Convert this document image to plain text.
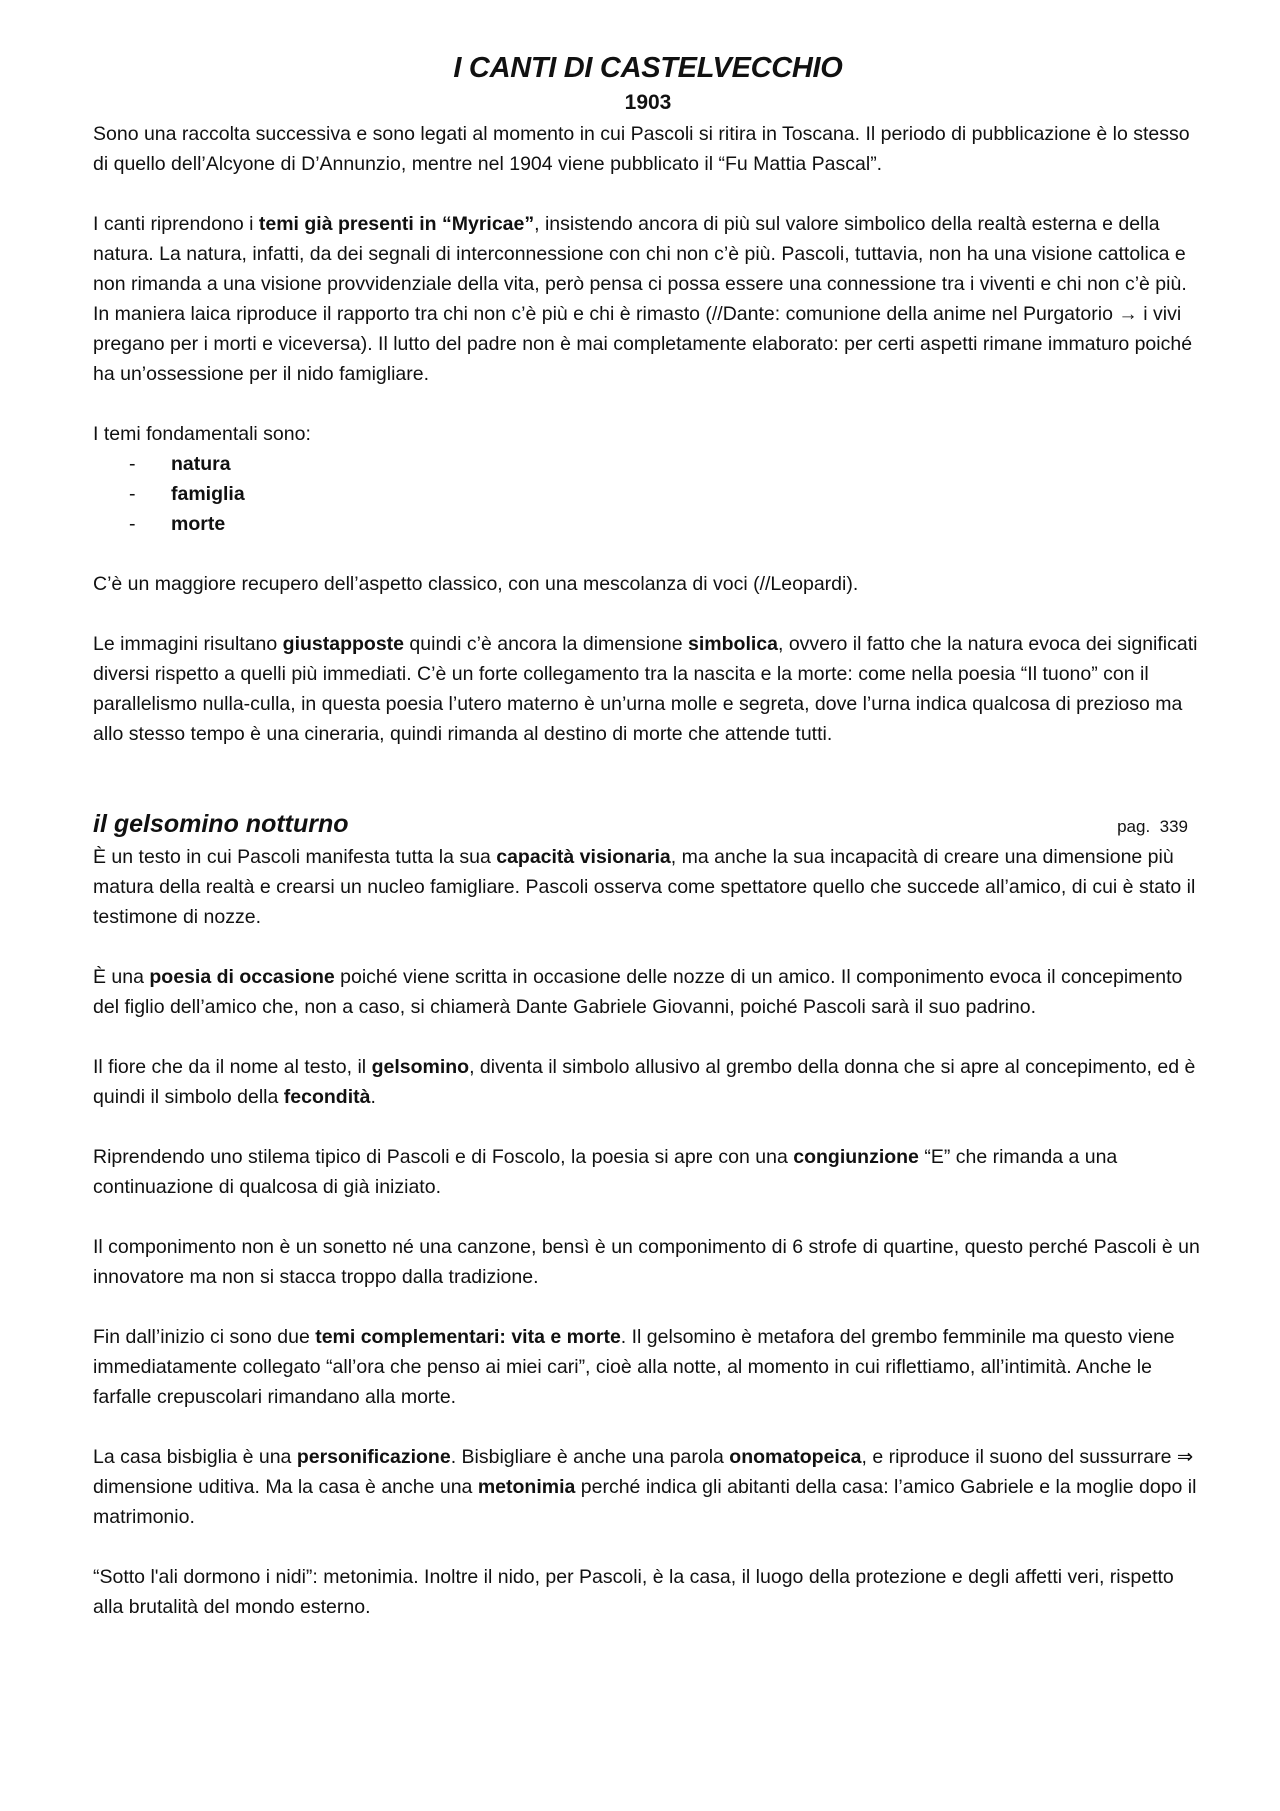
I CANTI DI CASTELVECCHIO
1903

Sono una raccolta successiva e sono legati al momento in cui Pascoli si ritira in Toscana. Il periodo di pubblicazione è lo stesso di quello dell’Alcyone di D’Annunzio, mentre nel 1904 viene pubblicato il “Fu Mattia Pascal”.

I canti riprendono i temi già presenti in “Myricae”, insistendo ancora di più sul valore simbolico della realtà esterna e della natura. La natura, infatti, da dei segnali di interconnessione con chi non c’è più. Pascoli, tuttavia, non ha una visione cattolica e non rimanda a una visione provvidenziale della vita, però pensa ci possa essere una connessione tra i viventi e chi non c’è più. In maniera laica riproduce il rapporto tra chi non c’è più e chi è rimasto (//Dante: comunione della anime nel Purgatorio → i vivi pregano per i morti e viceversa). Il lutto del padre non è mai completamente elaborato: per certi aspetti rimane immaturo poiché ha un’ossessione per il nido famigliare.

I temi fondamentali sono:

-	natura
-	famiglia
-	morte

C’è un maggiore recupero dell’aspetto classico, con una mescolanza di voci (//Leopardi).

Le immagini risultano giustapposte quindi c’è ancora la dimensione simbolica, ovvero il fatto che la natura evoca dei significati diversi rispetto a quelli più immediati. C’è un forte collegamento tra la nascita e la morte: come nella poesia “Il tuono” con il parallelismo nulla-culla, in questa poesia l’utero materno è un’urna molle e segreta, dove l’urna indica qualcosa di prezioso ma allo stesso tempo è una cineraria, quindi rimanda al destino di morte che attende tutti.

il gelsomino notturno	pag.  339

È un testo in cui Pascoli manifesta tutta la sua capacità visionaria, ma anche la sua incapacità di creare una dimensione più matura della realtà e crearsi un nucleo famigliare. Pascoli osserva come spettatore quello che succede all’amico, di cui è stato il testimone di nozze.

È una poesia di occasione poiché viene scritta in occasione delle nozze di un amico. Il componimento evoca il concepimento del figlio dell’amico che, non a caso, si chiamerà Dante Gabriele Giovanni, poiché Pascoli sarà il suo padrino.

Il fiore che da il nome al testo, il gelsomino, diventa il simbolo allusivo al grembo della donna che si apre al concepimento, ed è quindi il simbolo della fecondità.

Riprendendo uno stilema tipico di Pascoli e di Foscolo, la poesia si apre con una congiunzione “E” che rimanda a una continuazione di qualcosa di già iniziato.

Il componimento non è un sonetto né una canzone, bensì è un componimento di 6 strofe di quartine, questo perché Pascoli è un innovatore ma non si stacca troppo dalla tradizione.

Fin dall’inizio ci sono due temi complementari: vita e morte. Il gelsomino è metafora del grembo femminile ma questo viene immediatamente collegato “all’ora che penso ai miei cari”, cioè alla notte, al momento in cui riflettiamo, all’intimità. Anche le farfalle crepuscolari rimandano alla morte.

La casa bisbiglia è una personificazione. Bisbigliare è anche una parola onomatopeica, e riproduce il suono del sussurrare ⇒ dimensione uditiva. Ma la casa è anche una metonimia perché indica gli abitanti della casa: l’amico Gabriele e la moglie dopo il matrimonio.

“Sotto l'ali dormono i nidi”: metonimia. Inoltre il nido, per Pascoli, è la casa, il luogo della protezione e degli affetti veri, rispetto alla brutalità del mondo esterno.
